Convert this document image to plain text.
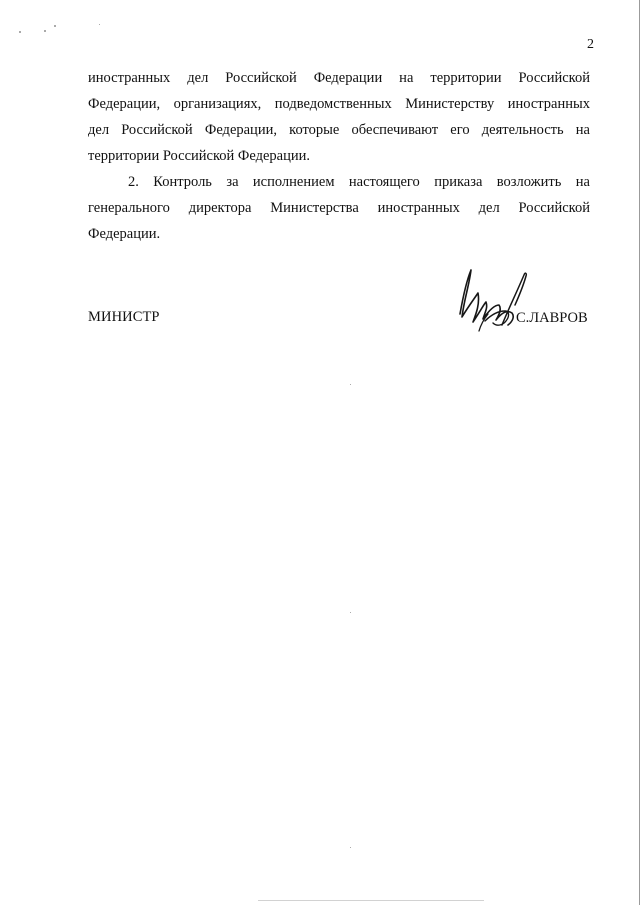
2
иностранных дел Российской Федерации на территории Российской
Федерации, организациях, подведомственных Министерству иностранных
дел Российской Федерации, которые обеспечивают его деятельность на
территории Российской Федерации.
2. Контроль за исполнением настоящего приказа возложить на
генерального директора Министерства иностранных дел Российской
Федерации.
МИНИСТР	С.ЛАВРОВ
